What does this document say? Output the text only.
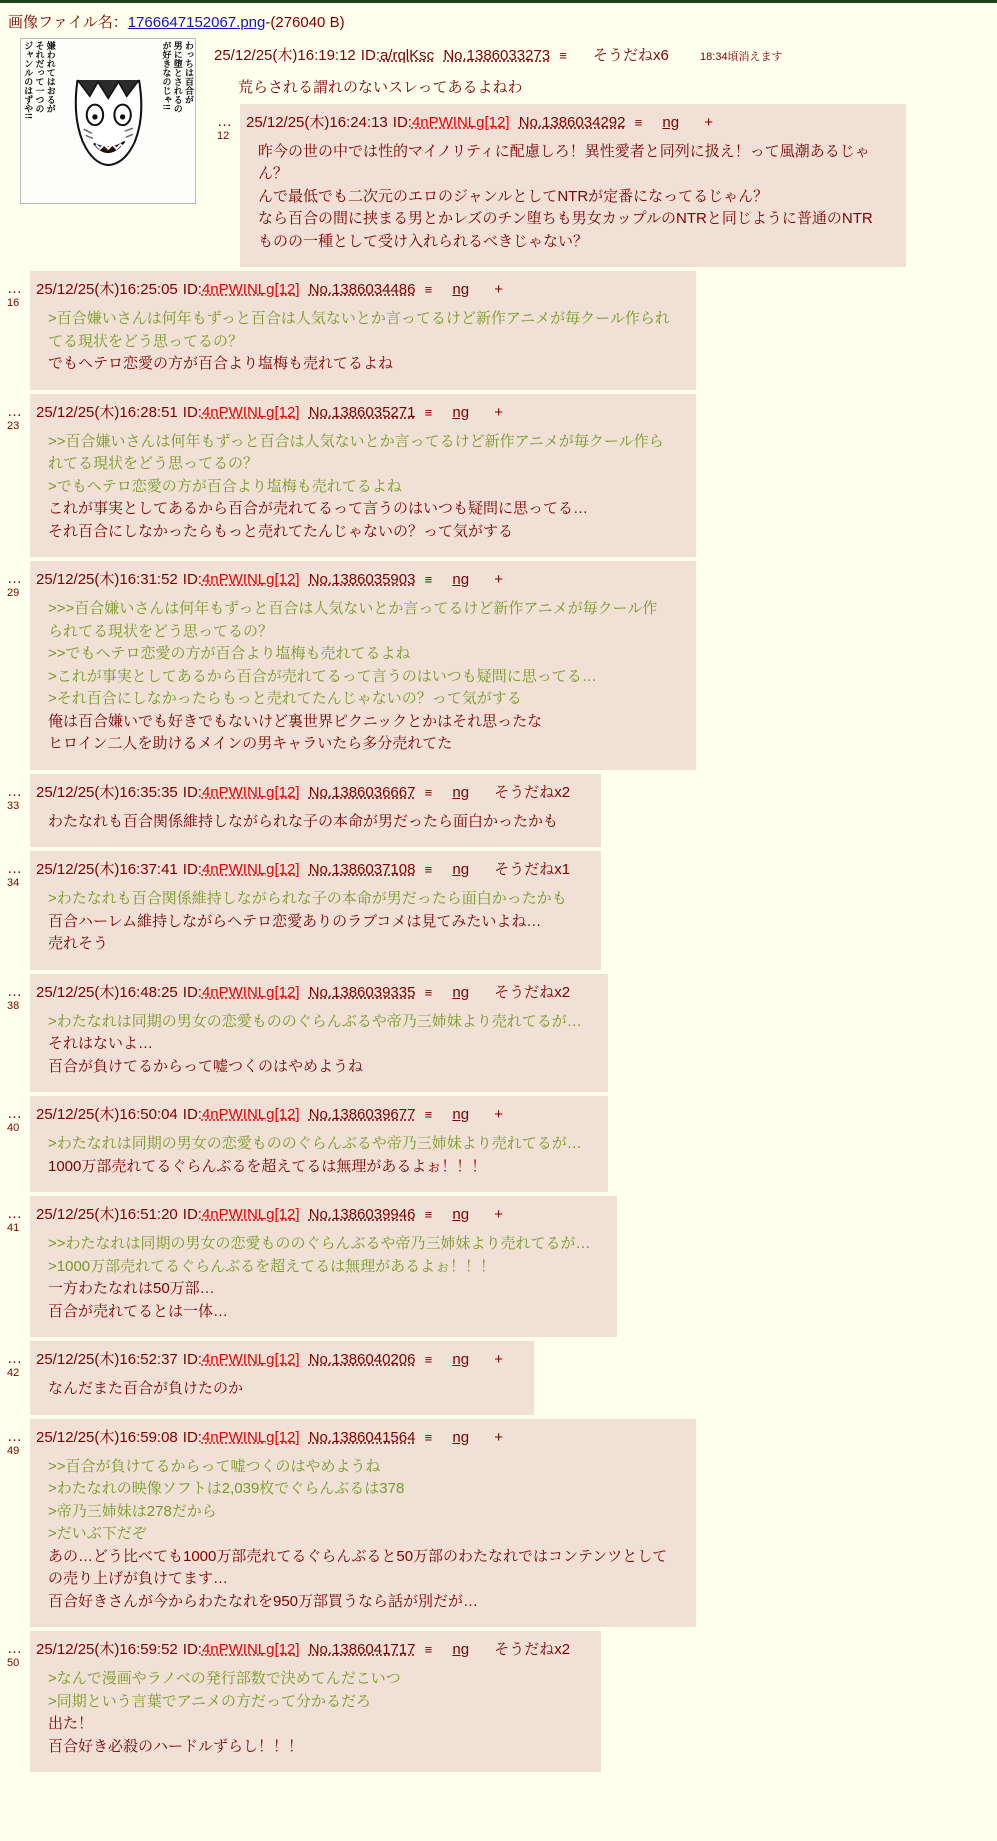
画像ファイル名：1766647152067.png-(276040 B)
嫌われてはおるが
それだって一つの
ジャンルのはずや!!	わっちは百合が
男に堕とされるの
が好きなのじゃ!!	25/12/25(木)16:19:12 ID:a/rqlKsc No.1386033273 ≡ そうだねx6	18:34頃消えます
荒らされる謂れのないスレってあるよねわ
…$^{12}$
25/12/25(木)16:24:13 ID:4nPWINLg[12] No.1386034292 ≡ ng +
昨今の世の中では性的マイノリティに配慮しろ！異性愛者と同列に扱え！って風潮あるじゃん？
んで最低でも二次元のエロのジャンルとしてNTRが定番になってるじゃん？
なら百合の間に挟まる男とかレズのチン堕ちも男女カップルのNTRと同じように普通のNTRものの一種として受け入れられるべきじゃない？
…$^{16}$
25/12/25(木)16:25:05 ID:4nPWINLg[12] No.1386034486 ≡ ng +
>百合嫌いさんは何年もずっと百合は人気ないとか言ってるけど新作アニメが毎クール作られてる現状をどう思ってるの？
でもヘテロ恋愛の方が百合より塩梅も売れてるよね
…$^{23}$
25/12/25(木)16:28:51 ID:4nPWINLg[12] No.1386035271 ≡ ng +
>>百合嫌いさんは何年もずっと百合は人気ないとか言ってるけど新作アニメが毎クール作られてる現状をどう思ってるの？
>でもヘテロ恋愛の方が百合より塩梅も売れてるよね
これが事実としてあるから百合が売れてるって言うのはいつも疑問に思ってる…
それ百合にしなかったらもっと売れてたんじゃないの？って気がする
…$^{29}$
25/12/25(木)16:31:52 ID:4nPWINLg[12] No.1386035903 ≡ ng +
>>>百合嫌いさんは何年もずっと百合は人気ないとか言ってるけど新作アニメが毎クール作られてる現状をどう思ってるの？
>>でもヘテロ恋愛の方が百合より塩梅も売れてるよね
>これが事実としてあるから百合が売れてるって言うのはいつも疑問に思ってる…
>それ百合にしなかったらもっと売れてたんじゃないの？って気がする
俺は百合嫌いでも好きでもないけど裏世界ピクニックとかはそれ思ったな
ヒロイン二人を助けるメインの男キャラいたら多分売れてた
…$^{33}$
25/12/25(木)16:35:35 ID:4nPWINLg[12] No.1386036667 ≡ ng そうだねx2
わたなれも百合関係維持しながられな子の本命が男だったら面白かったかも
…$^{34}$
25/12/25(木)16:37:41 ID:4nPWINLg[12] No.1386037108 ≡ ng そうだねx1
>わたなれも百合関係維持しながられな子の本命が男だったら面白かったかも
百合ハーレム維持しながらヘテロ恋愛ありのラブコメは見てみたいよね…
売れそう
…$^{38}$
25/12/25(木)16:48:25 ID:4nPWINLg[12] No.1386039335 ≡ ng そうだねx2
>わたなれは同期の男女の恋愛もののぐらんぶるや帝乃三姉妹より売れてるが…
それはないよ…
百合が負けてるからって嘘つくのはやめようね
…$^{40}$
25/12/25(木)16:50:04 ID:4nPWINLg[12] No.1386039677 ≡ ng +
>わたなれは同期の男女の恋愛もののぐらんぶるや帝乃三姉妹より売れてるが…
1000万部売れてるぐらんぶるを超えてるは無理があるよぉ！！！
…$^{41}$
25/12/25(木)16:51:20 ID:4nPWINLg[12] No.1386039946 ≡ ng +
>>わたなれは同期の男女の恋愛もののぐらんぶるや帝乃三姉妹より売れてるが…
>1000万部売れてるぐらんぶるを超えてるは無理があるよぉ！！！
一方わたなれは50万部…
百合が売れてるとは一体…
…$^{42}$
25/12/25(木)16:52:37 ID:4nPWINLg[12] No.1386040206 ≡ ng +
なんだまた百合が負けたのか
…$^{49}$
25/12/25(木)16:59:08 ID:4nPWINLg[12] No.1386041564 ≡ ng +
>>百合が負けてるからって嘘つくのはやめようね
>わたなれの映像ソフトは2,039枚でぐらんぶるは378
>帝乃三姉妹は278だから
>だいぶ下だぞ
あの…どう比べても1000万部売れてるぐらんぶると50万部のわたなれではコンテンツとしての売り上げが負けてます…
百合好きさんが今からわたなれを950万部買うなら話が別だが…
…$^{50}$
25/12/25(木)16:59:52 ID:4nPWINLg[12] No.1386041717 ≡ ng そうだねx2
>なんで漫画やラノベの発行部数で決めてんだこいつ
>同期という言葉でアニメの方だって分かるだろ
出た！
百合好き必殺のハードルずらし！！！
